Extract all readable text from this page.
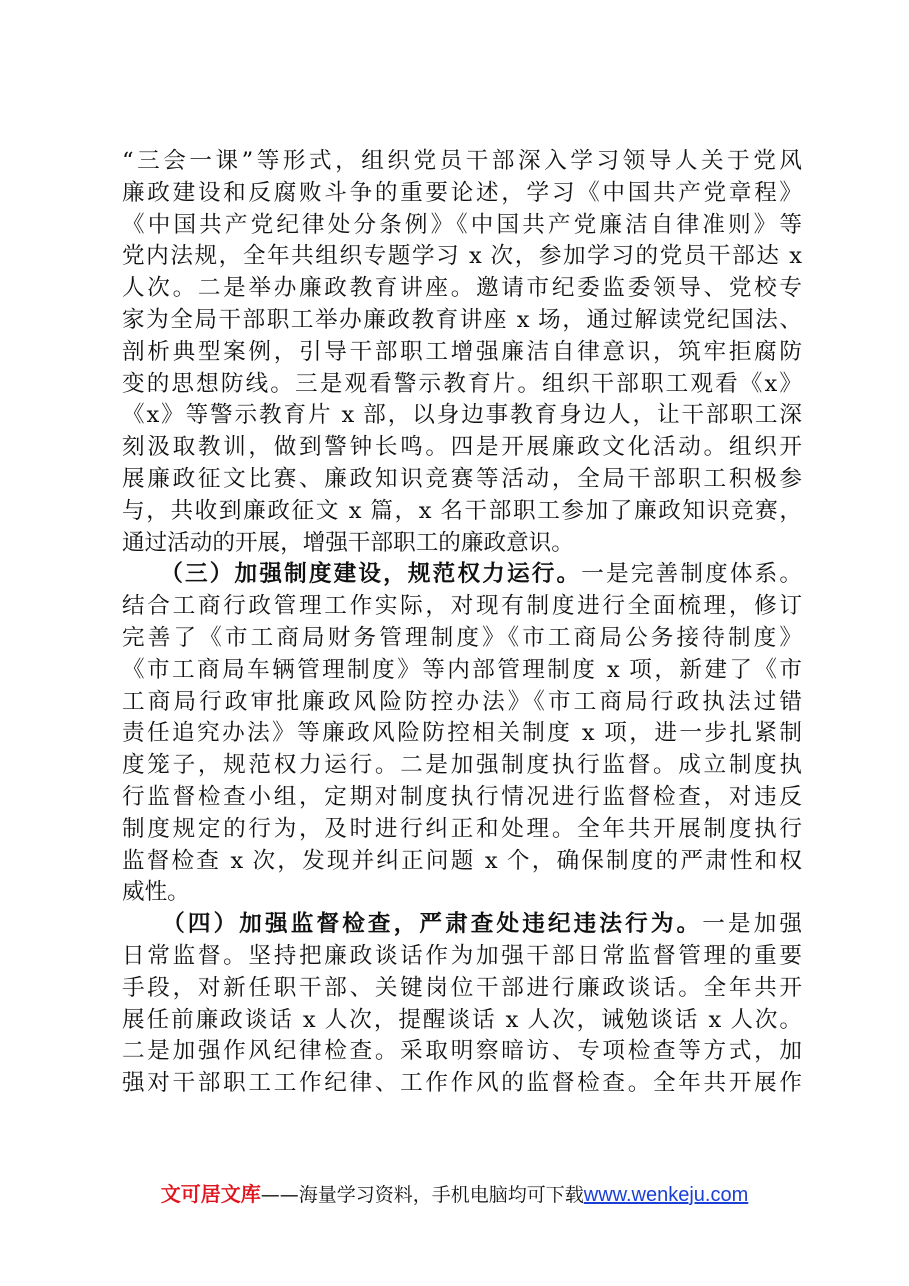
“三会一课”等形式，组织党员干部深入学习领导人关于党风
廉政建设和反腐败斗争的重要论述，学习《中国共产党章程》
《中国共产党纪律处分条例》《中国共产党廉洁自律准则》等
党内法规，全年共组织专题学习 x 次，参加学习的党员干部达 x
人次。二是举办廉政教育讲座。邀请市纪委监委领导、党校专
家为全局干部职工举办廉政教育讲座 x 场，通过解读党纪国法、
剖析典型案例，引导干部职工增强廉洁自律意识，筑牢拒腐防
变的思想防线。三是观看警示教育片。组织干部职工观看《x》
《x》等警示教育片 x 部，以身边事教育身边人，让干部职工深
刻汲取教训，做到警钟长鸣。四是开展廉政文化活动。组织开
展廉政征文比赛、廉政知识竞赛等活动，全局干部职工积极参
与，共收到廉政征文 x 篇，x 名干部职工参加了廉政知识竞赛，
通过活动的开展，增强干部职工的廉政意识。
　　（三）加强制度建设，规范权力运行。一是完善制度体系。
结合工商行政管理工作实际，对现有制度进行全面梳理，修订
完善了《市工商局财务管理制度》《市工商局公务接待制度》
《市工商局车辆管理制度》等内部管理制度 x 项，新建了《市
工商局行政审批廉政风险防控办法》《市工商局行政执法过错
责任追究办法》等廉政风险防控相关制度 x 项，进一步扎紧制
度笼子，规范权力运行。二是加强制度执行监督。成立制度执
行监督检查小组，定期对制度执行情况进行监督检查，对违反
制度规定的行为，及时进行纠正和处理。全年共开展制度执行
监督检查 x 次，发现并纠正问题 x 个，确保制度的严肃性和权
威性。
　　（四）加强监督检查，严肃查处违纪违法行为。一是加强
日常监督。坚持把廉政谈话作为加强干部日常监督管理的重要
手段，对新任职干部、关键岗位干部进行廉政谈话。全年共开
展任前廉政谈话 x 人次，提醒谈话 x 人次，诫勉谈话 x 人次。
二是加强作风纪律检查。采取明察暗访、专项检查等方式，加
强对干部职工工作纪律、工作作风的监督检查。全年共开展作
文可居文库——海量学习资料，手机电脑均可下载www.wenkeju.com
